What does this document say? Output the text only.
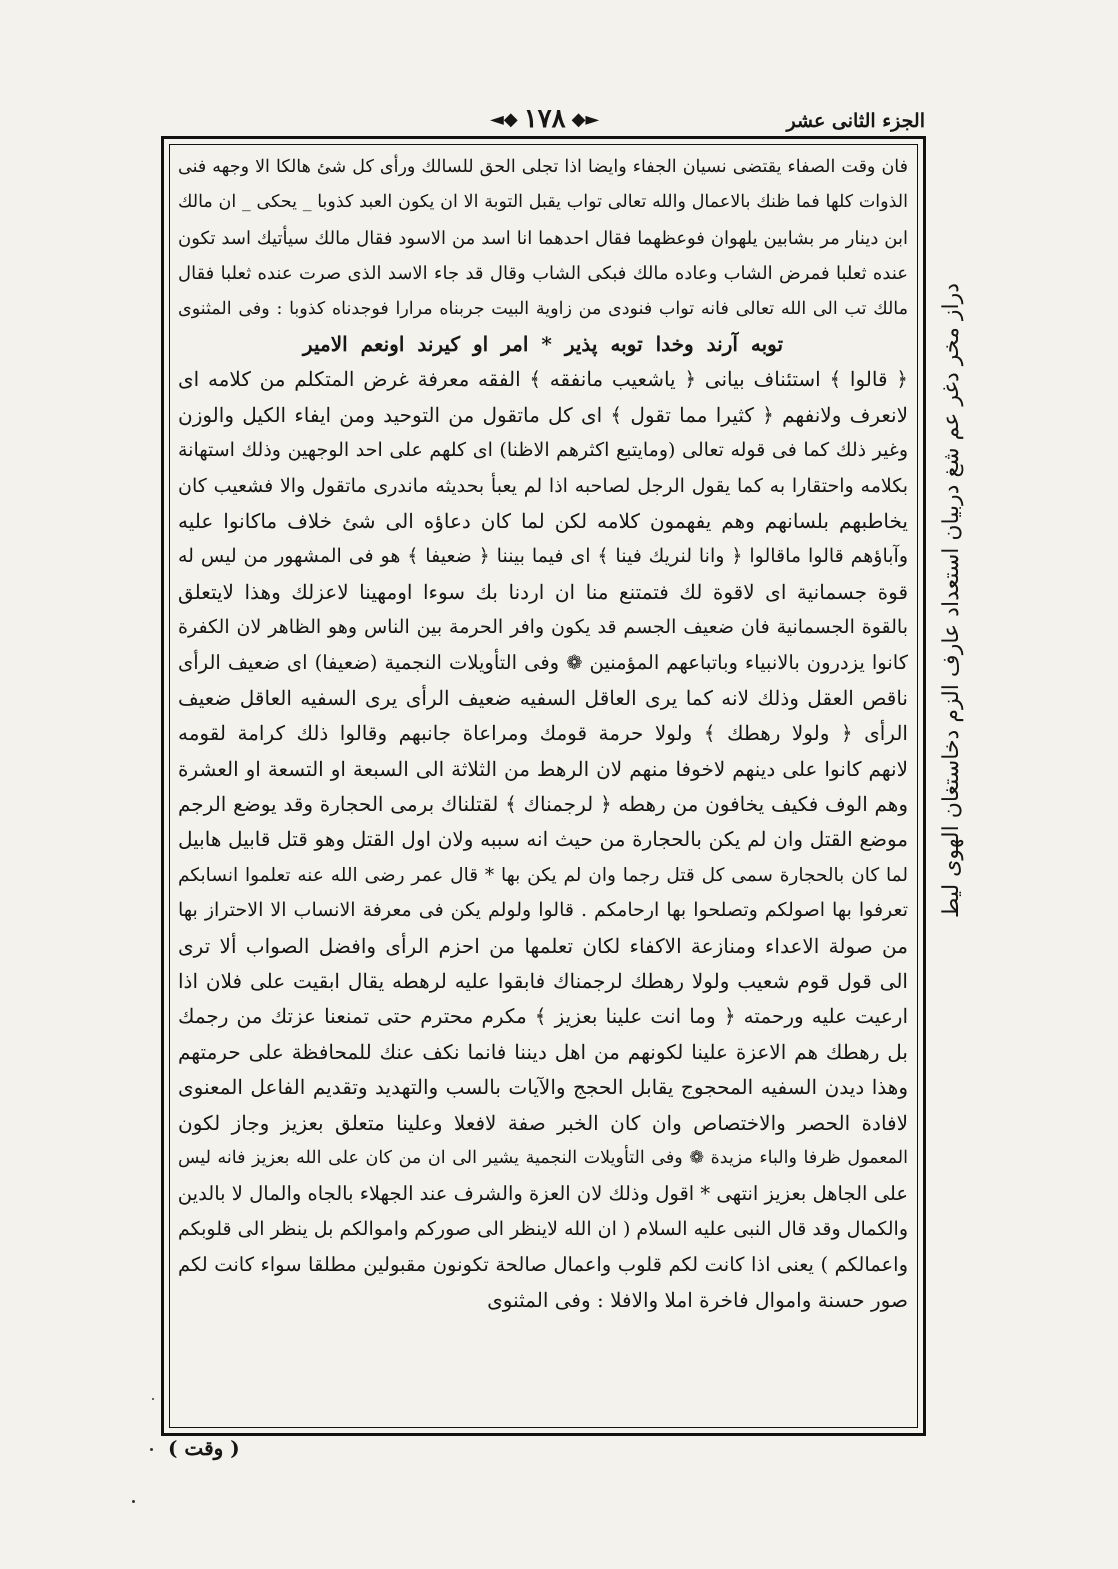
الجزء الثانى عشر
◄◆ ١٧٨ ◆►
فان وقت الصفاء يقتضى نسيان الجفاء وايضا اذا تجلى الحق للسالك ورأى كل شئ هالكا الا وجهه فنى
الذوات كلها فما ظنك بالاعمال والله تعالى تواب يقبل التوبة الا ان يكون العبد كذوبا _ يحكى _ ان مالك
ابن دينار مر بشابين يلهوان فوعظهما فقال احدهما انا اسد من الاسود فقال مالك سيأتيك اسد تكون
عنده ثعلبا فمرض الشاب وعاده مالك فبكى الشاب وقال قد جاء الاسد الذى صرت عنده ثعلبا فقال
مالك تب الى الله تعالى فانه تواب فنودى من زاوية البيت جربناه مرارا فوجدناه كذوبا : وفى المثنوى
توبه آرند وخدا توبه پذير * امر او كيرند اونعم الامير
﴿ قالوا ﴾ استئناف بيانى ﴿ ياشعيب مانفقه ﴾ الفقه معرفة غرض المتكلم من كلامه اى
لانعرف ولانفهم ﴿ كثيرا مما تقول ﴾ اى كل ماتقول من التوحيد ومن ايفاء الكيل والوزن
وغير ذلك كما فى قوله تعالى (ومايتبع اكثرهم الاظنا) اى كلهم على احد الوجهين وذلك استهانة
بكلامه واحتقارا به كما يقول الرجل لصاحبه اذا لم يعبأ بحديثه ماندرى ماتقول والا فشعيب كان
يخاطبهم بلسانهم وهم يفهمون كلامه لكن لما كان دعاؤه الى شئ خلاف ماكانوا عليه
وآباؤهم قالوا ماقالوا ﴿ وانا لنريك فينا ﴾ اى فيما بيننا ﴿ ضعيفا ﴾ هو فى المشهور من ليس له
قوة جسمانية اى لاقوة لك فتمتنع منا ان اردنا بك سوءا اومهينا لاعزلك وهذا لايتعلق
بالقوة الجسمانية فان ضعيف الجسم قد يكون وافر الحرمة بين الناس وهو الظاهر لان الكفرة
كانوا يزدرون بالانبياء وباتباعهم المؤمنين ❁ وفى التأويلات النجمية (ضعيفا) اى ضعيف الرأى
ناقص العقل وذلك لانه كما يرى العاقل السفيه ضعيف الرأى يرى السفيه العاقل ضعيف
الرأى ﴿ ولولا رهطك ﴾ ولولا حرمة قومك ومراعاة جانبهم وقالوا ذلك كرامة لقومه
لانهم كانوا على دينهم لاخوفا منهم لان الرهط من الثلاثة الى السبعة او التسعة او العشرة
وهم الوف فكيف يخافون من رهطه ﴿ لرجمناك ﴾ لقتلناك برمى الحجارة وقد يوضع الرجم
موضع القتل وان لم يكن بالحجارة من حيث انه سببه ولان اول القتل وهو قتل قابيل هابيل
لما كان بالحجارة سمى كل قتل رجما وان لم يكن بها * قال عمر رضى الله عنه تعلموا انسابكم
تعرفوا بها اصولكم وتصلحوا بها ارحامكم . قالوا ولولم يكن فى معرفة الانساب الا الاحتراز بها
من صولة الاعداء ومنازعة الاكفاء لكان تعلمها من احزم الرأى وافضل الصواب ألا ترى
الى قول قوم شعيب ولولا رهطك لرجمناك فابقوا عليه لرهطه يقال ابقيت على فلان اذا
ارعيت عليه ورحمته ﴿ وما انت علينا بعزيز ﴾ مكرم محترم حتى تمنعنا عزتك من رجمك
بل رهطك هم الاعزة علينا لكونهم من اهل ديننا فانما نكف عنك للمحافظة على حرمتهم
وهذا ديدن السفيه المحجوج يقابل الحجج والآيات بالسب والتهديد وتقديم الفاعل المعنوى
لافادة الحصر والاختصاص وان كان الخبر صفة لافعلا وعلينا متعلق بعزيز وجاز لكون
المعمول ظرفا والباء مزيدة ❁ وفى التأويلات النجمية يشير الى ان من كان على الله بعزيز فانه ليس
على الجاهل بعزيز انتهى * اقول وذلك لان العزة والشرف عند الجهلاء بالجاه والمال لا بالدين
والكمال وقد قال النبى عليه السلام ( ان الله لاينظر الى صوركم واموالكم بل ينظر الى قلوبكم
واعمالكم ) يعنى اذا كانت لكم قلوب واعمال صالحة تكونون مقبولين مطلقا سواء كانت لكم
صور حسنة واموال فاخرة املا والافلا : وفى المثنوى
دراز مخر دغر عم شغ دربيان استعداد عارف الزم دخاستغان الهوى ليط
( وقت )
